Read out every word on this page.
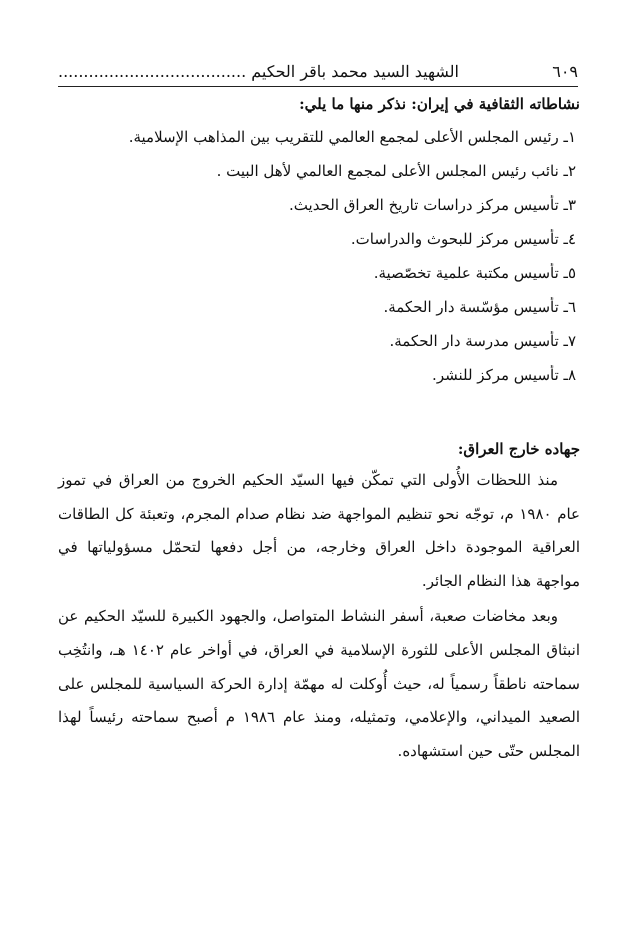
٦٠٩
الشهيد السيد محمد باقر الحكيم .....................................
نشاطاته الثقافية في إيران: نذكر منها ما يلي:
١ـ رئيس المجلس الأعلى لمجمع العالمي للتقريب بين المذاهب الإسلامية.
٢ـ نائب رئيس المجلس الأعلى لمجمع العالمي لأهل البيت .
٣ـ تأسيس مركز دراسات تاريخ العراق الحديث.
٤ـ تأسيس مركز للبحوث والدراسات.
٥ـ تأسيس مكتبة علمية تخصّصية.
٦ـ تأسيس مؤسّسة دار الحكمة.
٧ـ تأسيس مدرسة دار الحكمة.
٨ـ تأسيس مركز للنشر.
جهاده خارج العراق:

منذ اللحظات الأُولى التي تمكّن فيها السيّد الحكيم الخروج من العراق في تموز عام ١٩٨٠ م، توجّه نحو تنظيم المواجهة ضد نظام صدام المجرم، وتعبئة كل الطاقات العراقية الموجودة داخل العراق وخارجه، من أجل دفعها لتحمّل مسؤولياتها في مواجهة هذا النظام الجائر.

وبعد مخاضات صعبة، أسفر النشاط المتواصل، والجهود الكبيرة للسيّد الحكيم عن انبثاق المجلس الأعلى للثورة الإسلامية في العراق، في أواخر عام ١٤٠٢ هـ، وانتُخِب سماحته ناطقاً رسمياً له، حيث أُوكلت له مهمّة إدارة الحركة السياسية للمجلس على الصعيد الميداني، والإعلامي، وتمثيله، ومنذ عام ١٩٨٦ م أصبح سماحته رئيساً لهذا المجلس حتّى حين استشهاده.
